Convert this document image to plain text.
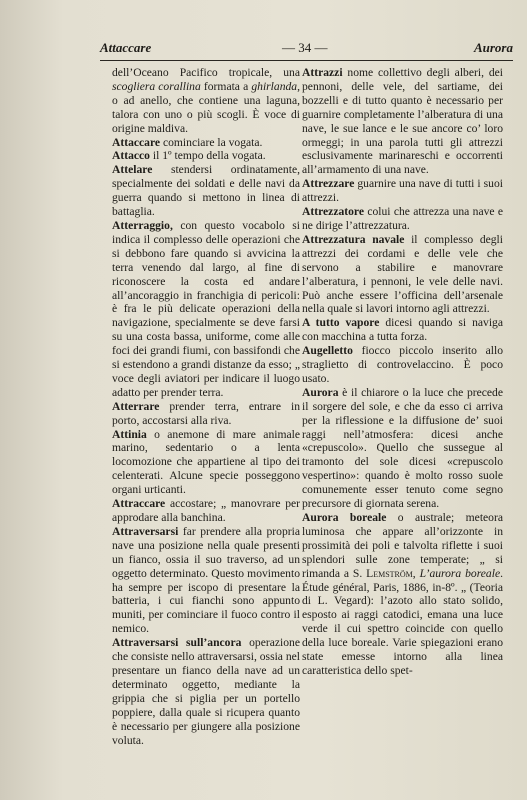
Attaccare	— 34 —	Aurora

dell’Oceano Pacifico tropicale, una scogliera corallina formata a ghirlanda, o ad anello, che contiene una laguna, talora con uno o più scogli. È voce di origine maldiva.

Attaccare cominciare la vogata.

Attacco il 1º tempo della vogata.

Attelare stendersi ordinatamente, specialmente dei soldati e delle navi da guerra quando si mettono in linea di battaglia.

Atterraggio, con questo vocabolo si indica il complesso delle operazioni che si debbono fare quando si avvicina la terra venendo dal largo, al fine di riconoscere la costa ed andare all’ancoraggio in franchigia di pericoli: è fra le più delicate operazioni della navigazione, specialmente se deve farsi su una costa bassa, uniforme, come alle foci dei grandi fiumi, con bassifondi che si estendono a grandi distanze da esso; „ voce degli aviatori per indicare il luogo adatto per prender terra.

Atterrare prender terra, entrare in porto, accostarsi alla riva.

Attinia o anemone di mare animale marino, sedentario o a lenta locomozione che appartiene al tipo dei celenterati. Alcune specie posseggono organi urticanti.

Attraccare accostare; „ manovrare per approdare alla banchina.

Attraversarsi far prendere alla propria nave una posizione nella quale presenti un fianco, ossia il suo traverso, ad un oggetto determinato. Questo movimento ha sempre per iscopo di presentare la batteria, i cui fianchi sono appunto muniti, per cominciare il fuoco contro il nemico.

Attraversarsi sull’ancora operazione che consiste nello attraversarsi, ossia nel presentare un fianco della nave ad un determinato oggetto, mediante la grippia che si piglia per un portello poppiere, dalla quale si ricupera quanto è necessario per giungere alla posizione voluta.

Attrazzi nome collettivo degli alberi, dei pennoni, delle vele, del sartiame, dei bozzelli e di tutto quanto è necessario per guarnire completamente l’alberatura di una nave, le sue lance e le sue ancore co’ loro ormeggi; in una parola tutti gli attrezzi esclusivamente marinareschi e occorrenti all’armamento di una nave.

Attrezzare guarnire una nave di tutti i suoi attrezzi.

Attrezzatore colui che attrezza una nave e ne dirige l’attrezzatura.

Attrezzatura navale il complesso degli attrezzi dei cordami e delle vele che servono a stabilire e manovrare l’alberatura, i pennoni, le vele delle navi. Può anche essere l’officina dell’arsenale nella quale si lavori intorno agli attrezzi.

A tutto vapore dicesi quando si naviga con macchina a tutta forza.

Augelletto fiocco piccolo inserito allo straglietto di controvelaccino. È poco usato.

Aurora è il chiarore o la luce che precede il sorgere del sole, e che da esso ci arriva per la riflessione e la diffusione de’ suoi raggi nell’atmosfera: dicesi anche «crepuscolo». Quello che sussegue al tramonto del sole dicesi «crepuscolo vespertino»: quando è molto rosso suole comunemente esser tenuto come segno precursore di giornata serena.

Aurora boreale o australe; meteora luminosa che appare all’orizzonte in prossimità dei poli e talvolta riflette i suoi splendori sulle zone temperate; „ si rimanda a S. Lemström, L’aurora boreale. Étude général, Paris, 1886, in-8º. „ (Teoria di L. Vegard): l’azoto allo stato solido, esposto ai raggi catodici, emana una luce verde il cui spettro coincide con quello della luce boreale. Varie spiegazioni erano state emesse intorno alla linea caratteristica dello spet-
